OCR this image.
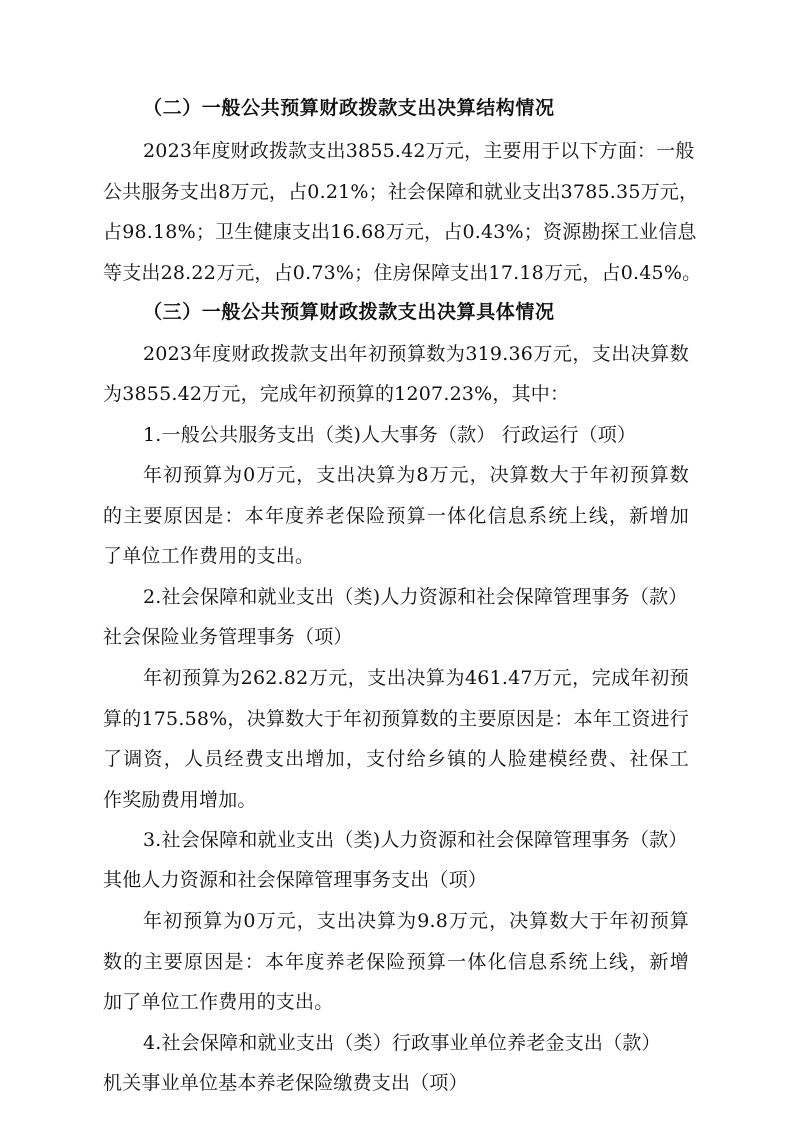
（二）一般公共预算财政拨款支出决算结构情况
2023年度财政拨款支出3855.42万元，主要用于以下方面：一般
公共服务支出8万元，占0.21%；社会保障和就业支出3785.35万元，
占98.18%；卫生健康支出16.68万元，占0.43%；资源勘探工业信息
等支出28.22万元，占0.73%；住房保障支出17.18万元，占0.45%。
（三）一般公共预算财政拨款支出决算具体情况
2023年度财政拨款支出年初预算数为319.36万元，支出决算数
为3855.42万元，完成年初预算的1207.23%，其中：
1.一般公共服务支出（类)人大事务（款） 行政运行（项）
年初预算为0万元，支出决算为8万元，决算数大于年初预算数
的主要原因是：本年度养老保险预算一体化信息系统上线，新增加
了单位工作费用的支出。
2.社会保障和就业支出（类)人力资源和社会保障管理事务（款）
社会保险业务管理事务（项）
年初预算为262.82万元，支出决算为461.47万元，完成年初预
算的175.58%，决算数大于年初预算数的主要原因是：本年工资进行
了调资，人员经费支出增加，支付给乡镇的人脸建模经费、社保工
作奖励费用增加。
3.社会保障和就业支出（类)人力资源和社会保障管理事务（款）
其他人力资源和社会保障管理事务支出（项）
年初预算为0万元，支出决算为9.8万元，决算数大于年初预算
数的主要原因是：本年度养老保险预算一体化信息系统上线，新增
加了单位工作费用的支出。
4.社会保障和就业支出（类）行政事业单位养老金支出（款）
机关事业单位基本养老保险缴费支出（项）
